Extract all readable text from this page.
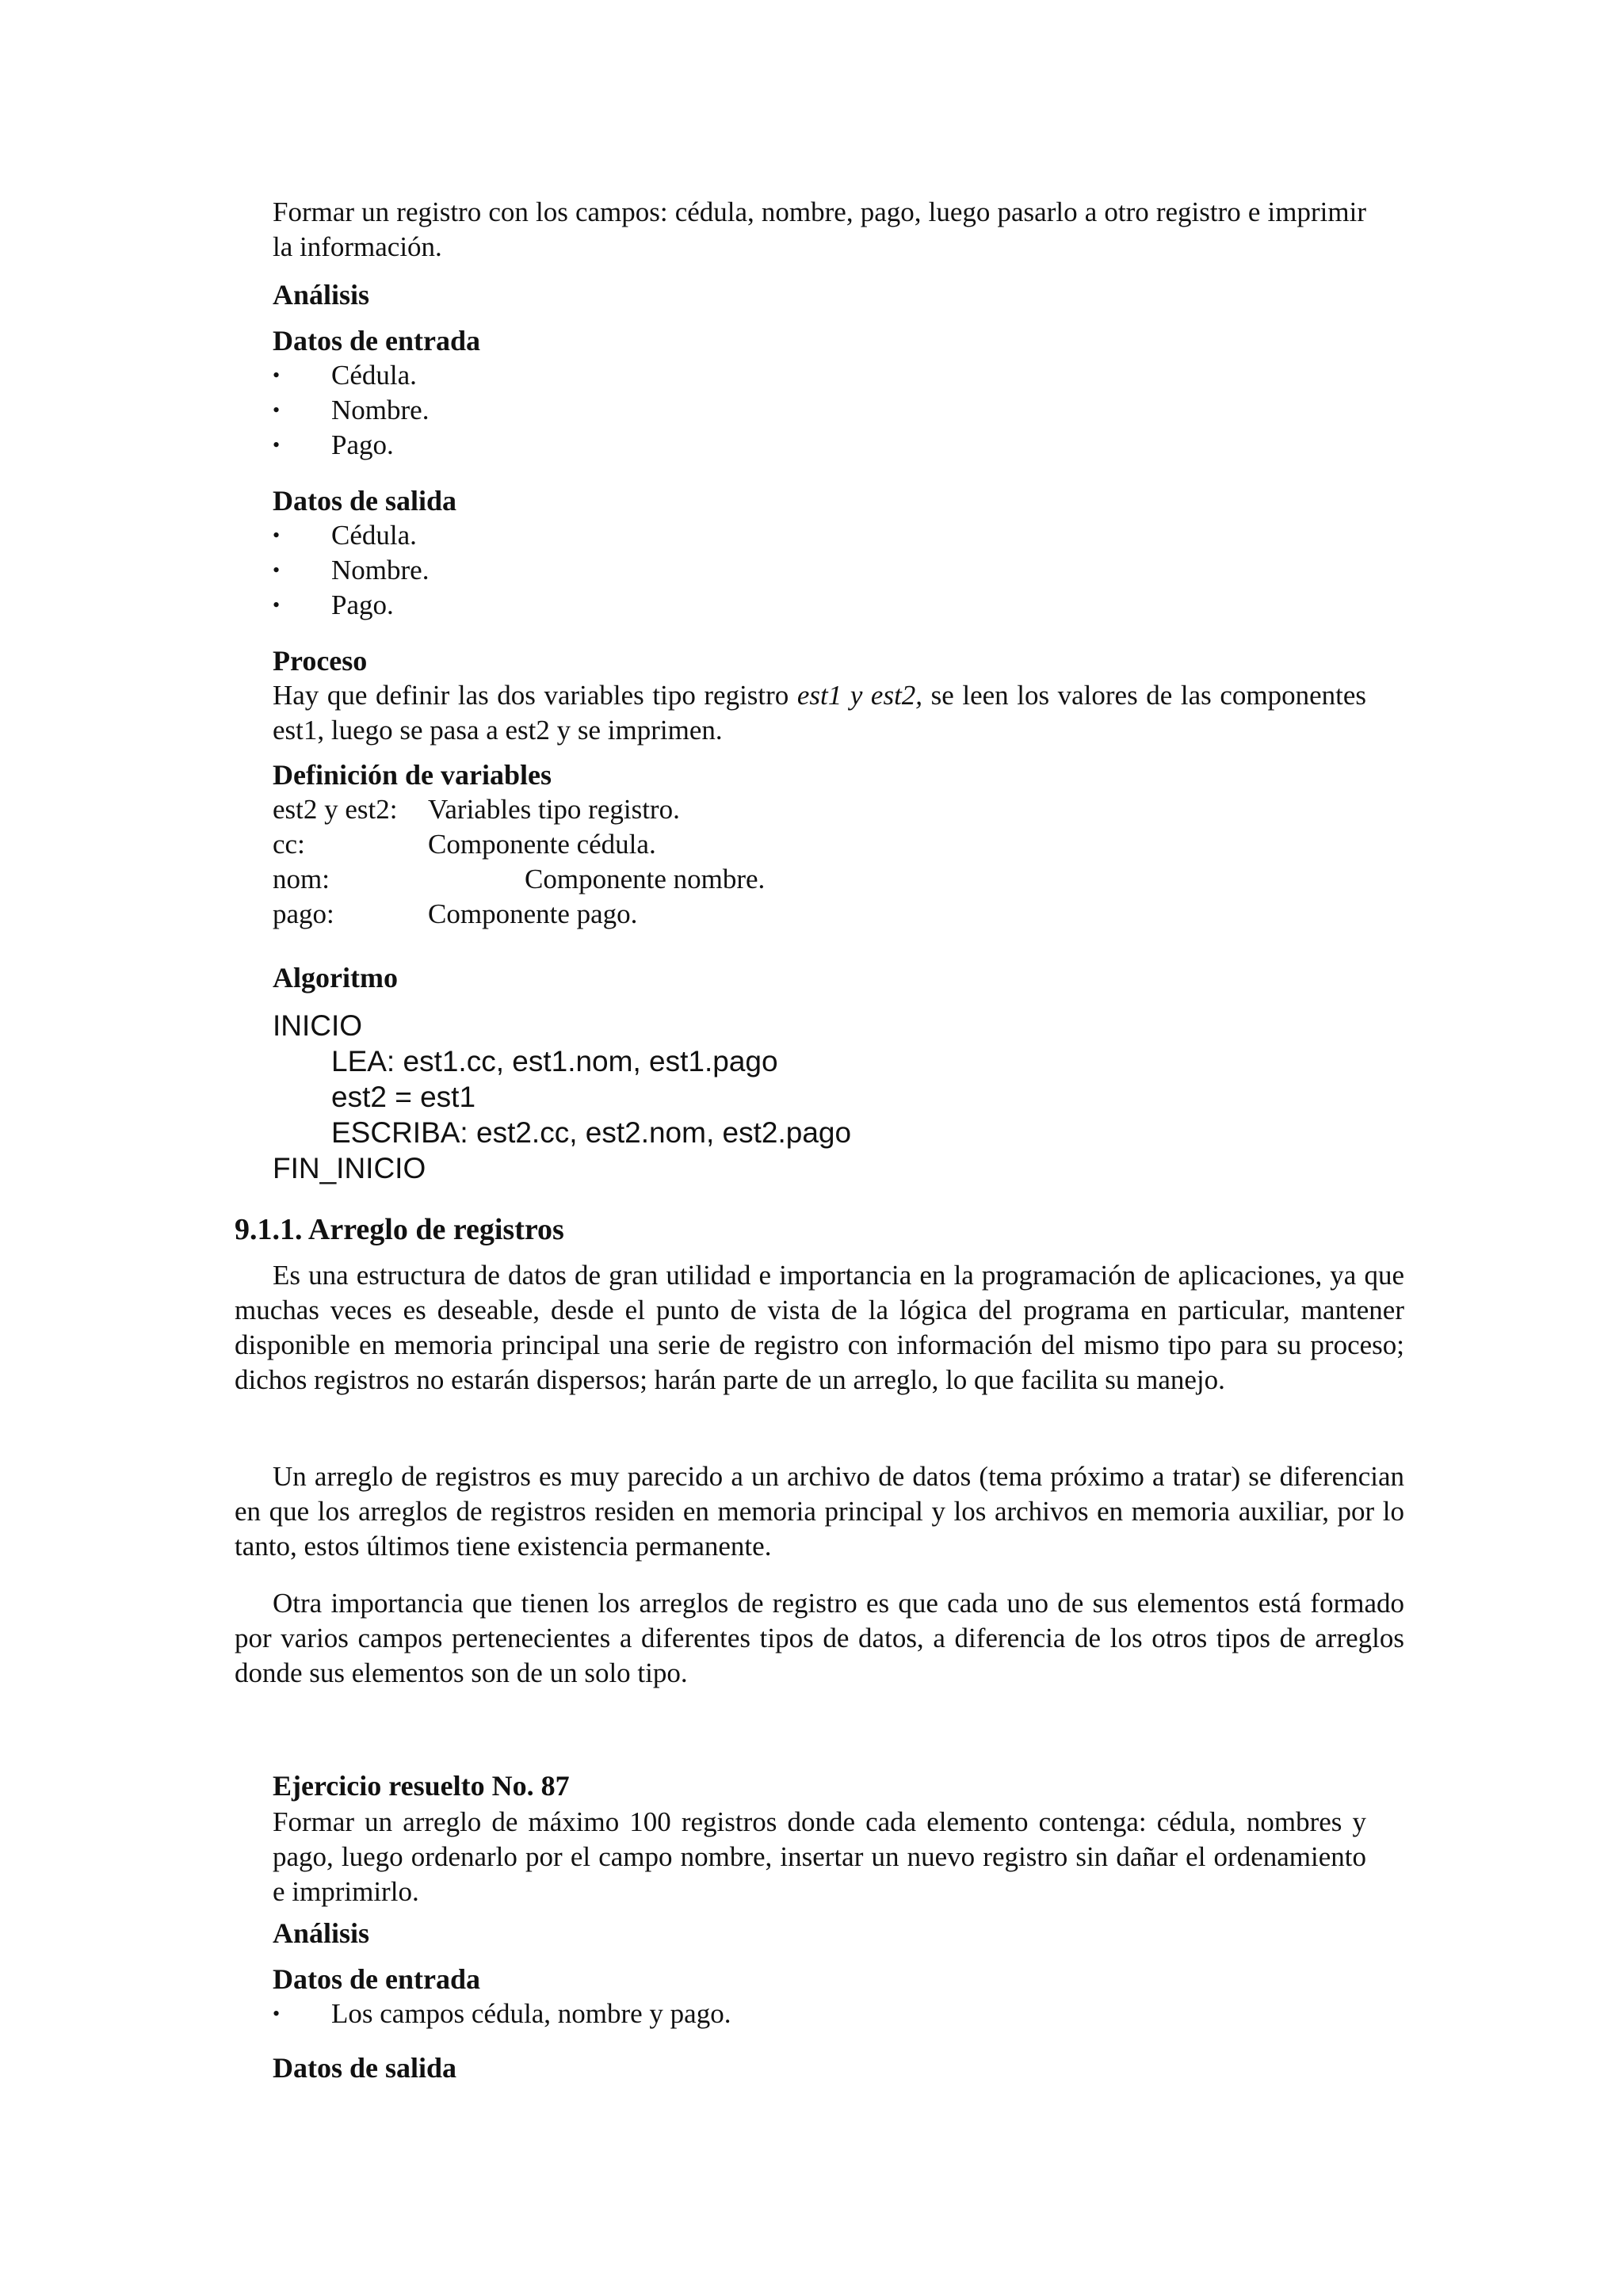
Formar un registro con los campos: cédula, nombre, pago, luego pasarlo a otro registro e imprimir la información.

Análisis

Datos de entrada

•	Cédula.
•	Nombre.
•	Pago.

Datos de salida

•	Cédula.
•	Nombre.
•	Pago.

Proceso

Hay que definir las dos variables tipo registro est1 y est2, se leen los valores de las componentes est1, luego se pasa a est2 y se imprimen.

Definición de variables

est2 y est2: Variables tipo registro.
cc:	Componente cédula.
nom:	Componente nombre.
pago:	Componente pago.

Algoritmo

INICIO
LEA: est1.cc, est1.nom, est1.pago
est2 = est1
ESCRIBA: est2.cc, est2.nom, est2.pago
FIN_INICIO

9.1.1. Arreglo de registros

Es una estructura de datos de gran utilidad e importancia en la programación de aplicaciones, ya que muchas veces es deseable, desde el punto de vista de la lógica del programa en particular, mantener disponible en memoria principal una serie de registro con información del mismo tipo para su proceso; dichos registros no estarán dispersos; harán parte de un arreglo, lo que facilita su manejo.

Un arreglo de registros es muy parecido a un archivo de datos (tema próximo a tratar) se diferencian en que los arreglos de registros residen en memoria principal y los archivos en memoria auxiliar, por lo tanto, estos últimos tiene existencia permanente.

Otra importancia que tienen los arreglos de registro es que cada uno de sus elementos está formado por varios campos pertenecientes a diferentes tipos de datos, a diferencia de los otros tipos de arreglos donde sus elementos son de un solo tipo.

Ejercicio resuelto No. 87

Formar un arreglo de máximo 100 registros donde cada elemento contenga: cédula, nombres y pago, luego ordenarlo por el campo nombre, insertar un nuevo registro sin dañar el ordenamiento e imprimirlo.

Análisis

Datos de entrada

•	Los campos cédula, nombre y pago.

Datos de salida
